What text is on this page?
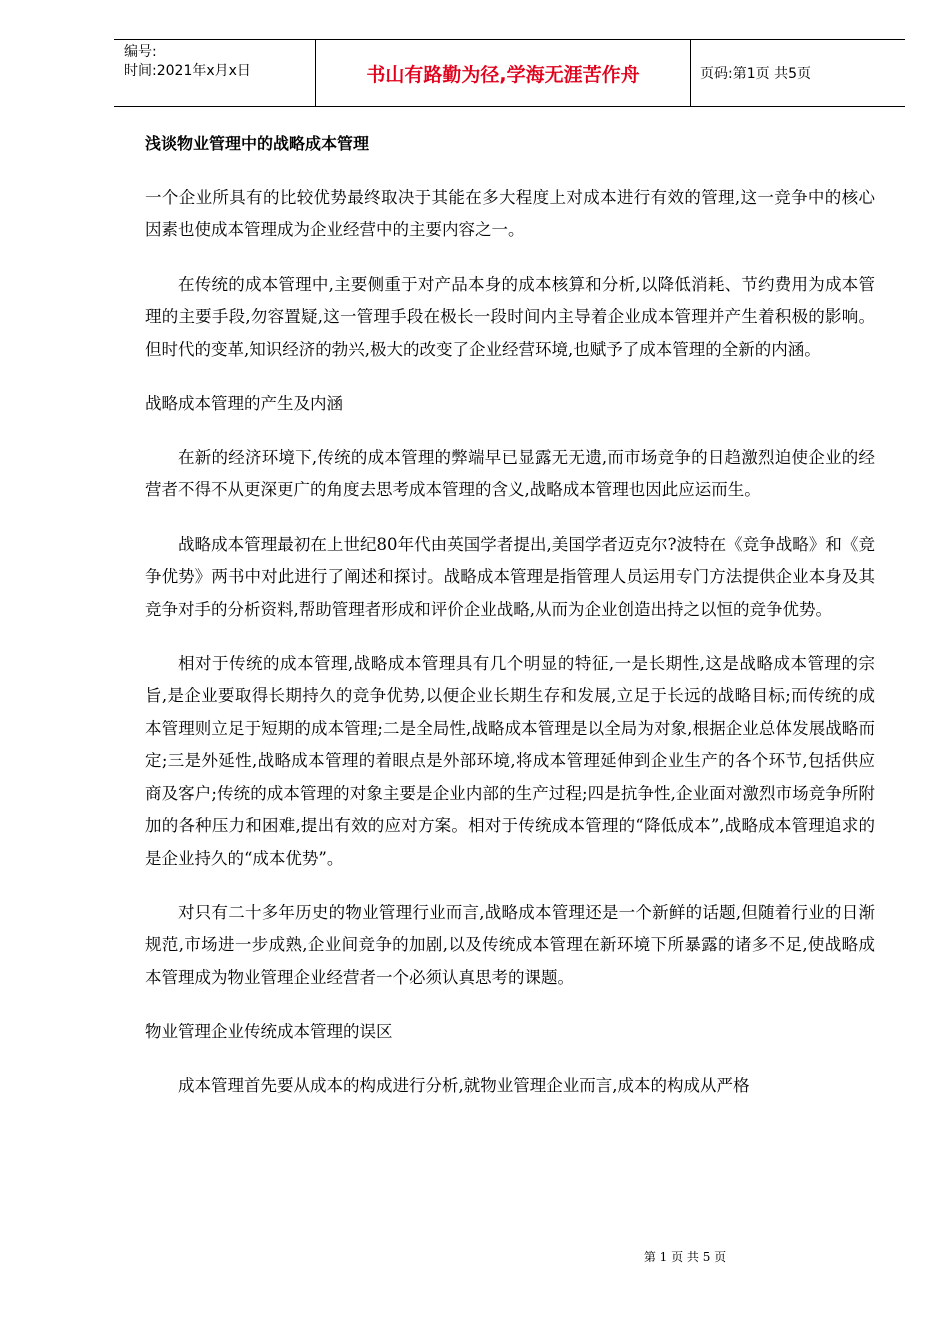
编号:
时间:2021年x月x日	书山有路勤为径,学海无涯苦作舟	页码:第1页 共5页
浅谈物业管理中的战略成本管理
一个企业所具有的比较优势最终取决于其能在多大程度上对成本进行有效的管理,这一竞争中的核心因素也使成本管理成为企业经营中的主要内容之一。
在传统的成本管理中,主要侧重于对产品本身的成本核算和分析,以降低消耗、节约费用为成本管理的主要手段,勿容置疑,这一管理手段在极长一段时间内主导着企业成本管理并产生着积极的影响。但时代的变革,知识经济的勃兴,极大的改变了企业经营环境,也赋予了成本管理的全新的内涵。
战略成本管理的产生及内涵
在新的经济环境下,传统的成本管理的弊端早已显露无无遗,而市场竞争的日趋激烈迫使企业的经营者不得不从更深更广的角度去思考成本管理的含义,战略成本管理也因此应运而生。
战略成本管理最初在上世纪80年代由英国学者提出,美国学者迈克尔?波特在《竞争战略》和《竞争优势》两书中对此进行了阐述和探讨。战略成本管理是指管理人员运用专门方法提供企业本身及其竞争对手的分析资料,帮助管理者形成和评价企业战略,从而为企业创造出持之以恒的竞争优势。
相对于传统的成本管理,战略成本管理具有几个明显的特征,一是长期性,这是战略成本管理的宗旨,是企业要取得长期持久的竞争优势,以便企业长期生存和发展,立足于长远的战略目标;而传统的成本管理则立足于短期的成本管理;二是全局性,战略成本管理是以全局为对象,根据企业总体发展战略而定;三是外延性,战略成本管理的着眼点是外部环境,将成本管理延伸到企业生产的各个环节,包括供应商及客户;传统的成本管理的对象主要是企业内部的生产过程;四是抗争性,企业面对激烈市场竞争所附加的各种压力和困难,提出有效的应对方案。相对于传统成本管理的“降低成本”,战略成本管理追求的是企业持久的“成本优势”。
对只有二十多年历史的物业管理行业而言,战略成本管理还是一个新鲜的话题,但随着行业的日渐规范,市场进一步成熟,企业间竞争的加剧,以及传统成本管理在新环境下所暴露的诸多不足,使战略成本管理成为物业管理企业经营者一个必须认真思考的课题。
物业管理企业传统成本管理的误区
成本管理首先要从成本的构成进行分析,就物业管理企业而言,成本的构成从严格
第 1 页 共 5 页
